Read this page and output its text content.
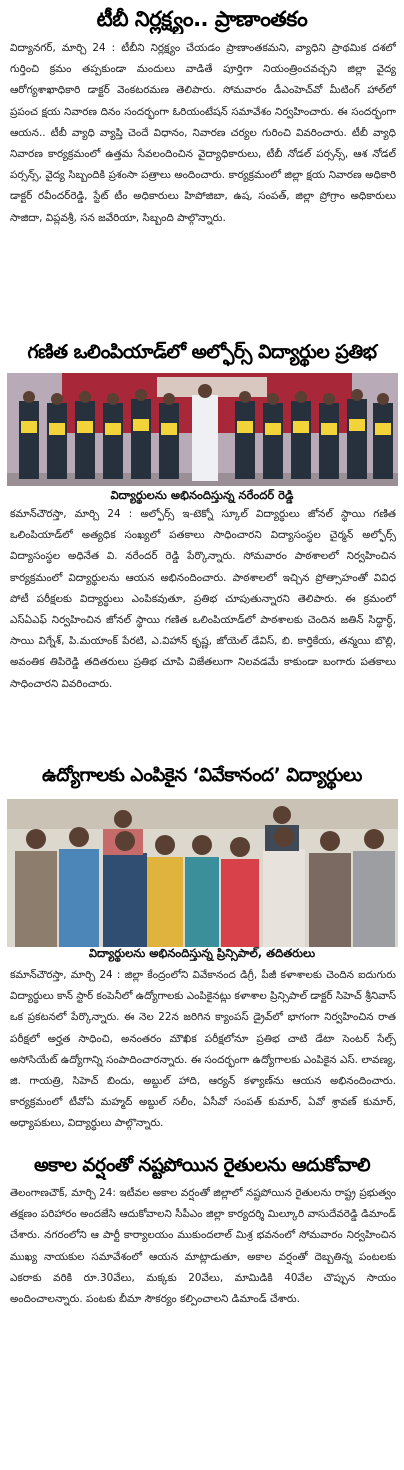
టీబీ నిర్లక్ష్యం.. ప్రాణాంతకం
విద్యానగర్‌, మార్చి 24 : టీబీని నిర్లక్ష్యం చేయడం ప్రాణాంతకమని, వ్యాధిని ప్రాథమిక దశలో గుర్తించి క్రమం తప్పకుండా మందులు వాడితే పూర్తిగా నియంత్రించవచ్చని జిల్లా వైద్య ఆరోగ్యశాఖాధికారి డాక్టర్‌ వెంకటరమణ తెలిపారు. సోమవారం డీఎంహెచ్‌వో మీటింగ్‌ హాల్‌లో ప్రపంచ క్షయ నివారణ దినం సందర్భంగా ఓరియంటేషన్‌ సమావేశం నిర్వహించారు. ఈ సందర్భంగా ఆయన.. టీబీ వ్యాధి వ్యాప్తి చెందే విధానం, నివారణ చర్యల గురించి వివరించారు. టీబీ వ్యాధి నివారణ కార్యక్రమంలో ఉత్తమ సేవలందించిన వైద్యాధికారులు, టీబీ నోడల్‌ పర్సన్స్‌, ఆశ నోడల్‌ పర్సన్స్‌, వైద్య సిబ్బందికి ప్రశంసా పత్రాలు అందించారు. కార్యక్రమంలో జిల్లా క్షయ నివారణ అధికారి డాక్టర్‌ రవీందర్‌రెడ్డి, స్టేట్‌ టీం అధికారులు హిపోజిబా, ఉష, సంపత్‌, జిల్లా ప్రోగ్రాం అధికారులు సాజిదా, విప్లవశ్రీ, సన జవేరియా, సిబ్బంది పాల్గొన్నారు.
గణిత ఒలింపియాడ్‌లో అల్ఫోర్స్‌ విద్యార్థుల ప్రతిభ
విద్యార్థులను అభినందిస్తున్న నరేందర్‌ రెడ్డి
కమాన్‌చౌరస్తా, మార్చి 24 : అల్ఫోర్స్‌ ఇ-టెక్నో స్కూల్‌ విద్యార్థులు జోనల్‌ స్థాయి గణిత ఒలింపియాడ్‌లో అత్యధిక సంఖ్యలో పతకాలు సాధించారని విద్యాసంస్థల చైర్మన్‌ అల్ఫోర్స్‌ విద్యాసంస్థల అధినేత వి. నరేందర్‌ రెడ్డి పేర్కొన్నారు. సోమవారం పాఠశాలలో నిర్వహించిన కార్యక్రమంలో విద్యార్థులను ఆయన అభినందించారు. పాఠశాలలో ఇచ్చిన ప్రోత్సాహంతో వివిధ పోటీ పరీక్షలకు విద్యార్థులు ఎంపికవుతూ, ప్రతిభ చూపుతున్నారని తెలిపారు. ఈ క్రమంలో ఎస్‌ఏఎఫ్‌ నిర్వహించిన జోనల్‌ స్థాయి గణిత ఒలింపియాడ్‌లో పాఠశాలకు చెందిన జతిన్‌ సిద్ధార్ధ్‌, సాయి విగ్నేశ్‌, పి.మయాంక్‌ పేరటి, ఎ.విహాన్‌ కృష్ణ, జోయెల్‌ డేవిస్‌, బి. కార్తికేయ, తన్మయి బొల్లి, అవంతిక తిపిరెడ్డి తదితరులు ప్రతిభ చూపి విజేతలుగా నిలవడమే కాకుండా బంగారు పతకాలు సాధించారని వివరించారు.
ఉద్యోగాలకు ఎంపికైన ‘వివేకానంద’ విద్యార్థులు
విద్యార్థులను అభినందిస్తున్న ప్రిన్సిపాల్‌, తదితరులు
కమాన్‌చౌరస్తా, మార్చి 24 : జిల్లా కేంద్రంలోని వివేకానంద డిగ్రీ, పీజీ కళాశాలకు చెందిన ఐదుగురు విద్యార్థులు కాన్‌ స్టార్‌ కంపెనీలో ఉద్యోగాలకు ఎంపికైనట్లు కళాశాల ప్రిన్సిపాల్‌ డాక్టర్‌ సిహెచ్‌ శ్రీనివాస్‌ ఒక ప్రకటనలో పేర్కొన్నారు. ఈ నెల 22న జరిగిన క్యాంపస్‌ డ్రైవ్‌లో భాగంగా నిర్వహించిన రాత పరీక్షలో అర్హత సాధించి, అనంతరం మౌఖిక పరీక్షలోనూ ప్రతిభ చాటి డేటా సెంటర్‌ సేల్స్‌ అసోసియేట్‌ ఉద్యోగాన్ని సంపాదించారన్నారు. ఈ సందర్భంగా ఉద్యోగాలకు ఎంపికైన ఎస్‌. లావణ్య, జి. గాయత్రి, సిహెచ్‌ బిందు, అబ్దుల్‌ హాది, ఆర్యన్‌ కళ్యాణ్‌ను ఆయన అభినందించారు. కార్యక్రమంలో టీవోఏ మహ్మద్‌ అబ్దుల్‌ సలీం, ఏసీవో సంపత్‌ కుమార్‌, ఏవో శ్రావణ్‌ కుమార్‌, అధ్యాపకులు, విద్యార్థులు పాల్గొన్నారు.
అకాల వర్షంతో నష్టపోయిన రైతులను ఆదుకోవాలి
తెలంగాణచౌక్‌, మార్చి 24: ఇటీవల అకాల వర్షంతో జిల్లాలో నష్టపోయిన రైతులను రాష్ట్ర ప్రభుత్వం తక్షణం పరిహారం అందజేసి ఆదుకోవాలని సీపీఎం జిల్లా కార్యదర్శి మిల్కూరి వాసుదేవరెడ్డి డిమాండ్‌ చేశారు. నగరంలోని ఆ పార్టీ కార్యాలయం ముకుందలాల్‌ మిశ్ర భవనంలో సోమవారం నిర్వహించిన ముఖ్య నాయకుల సమావేశంలో ఆయన మాట్లాడుతూ, అకాల వర్షంతో దెబ్బతిన్న పంటలకు ఎకరాకు వరికి రూ.30వేలు, మక్కకు 20వేలు, మామిడికి 40వేల చొప్పున సాయం అందించాలన్నారు. పంటకు బీమా సౌకర్యం కల్పించాలని డిమాండ్‌ చేశారు.
